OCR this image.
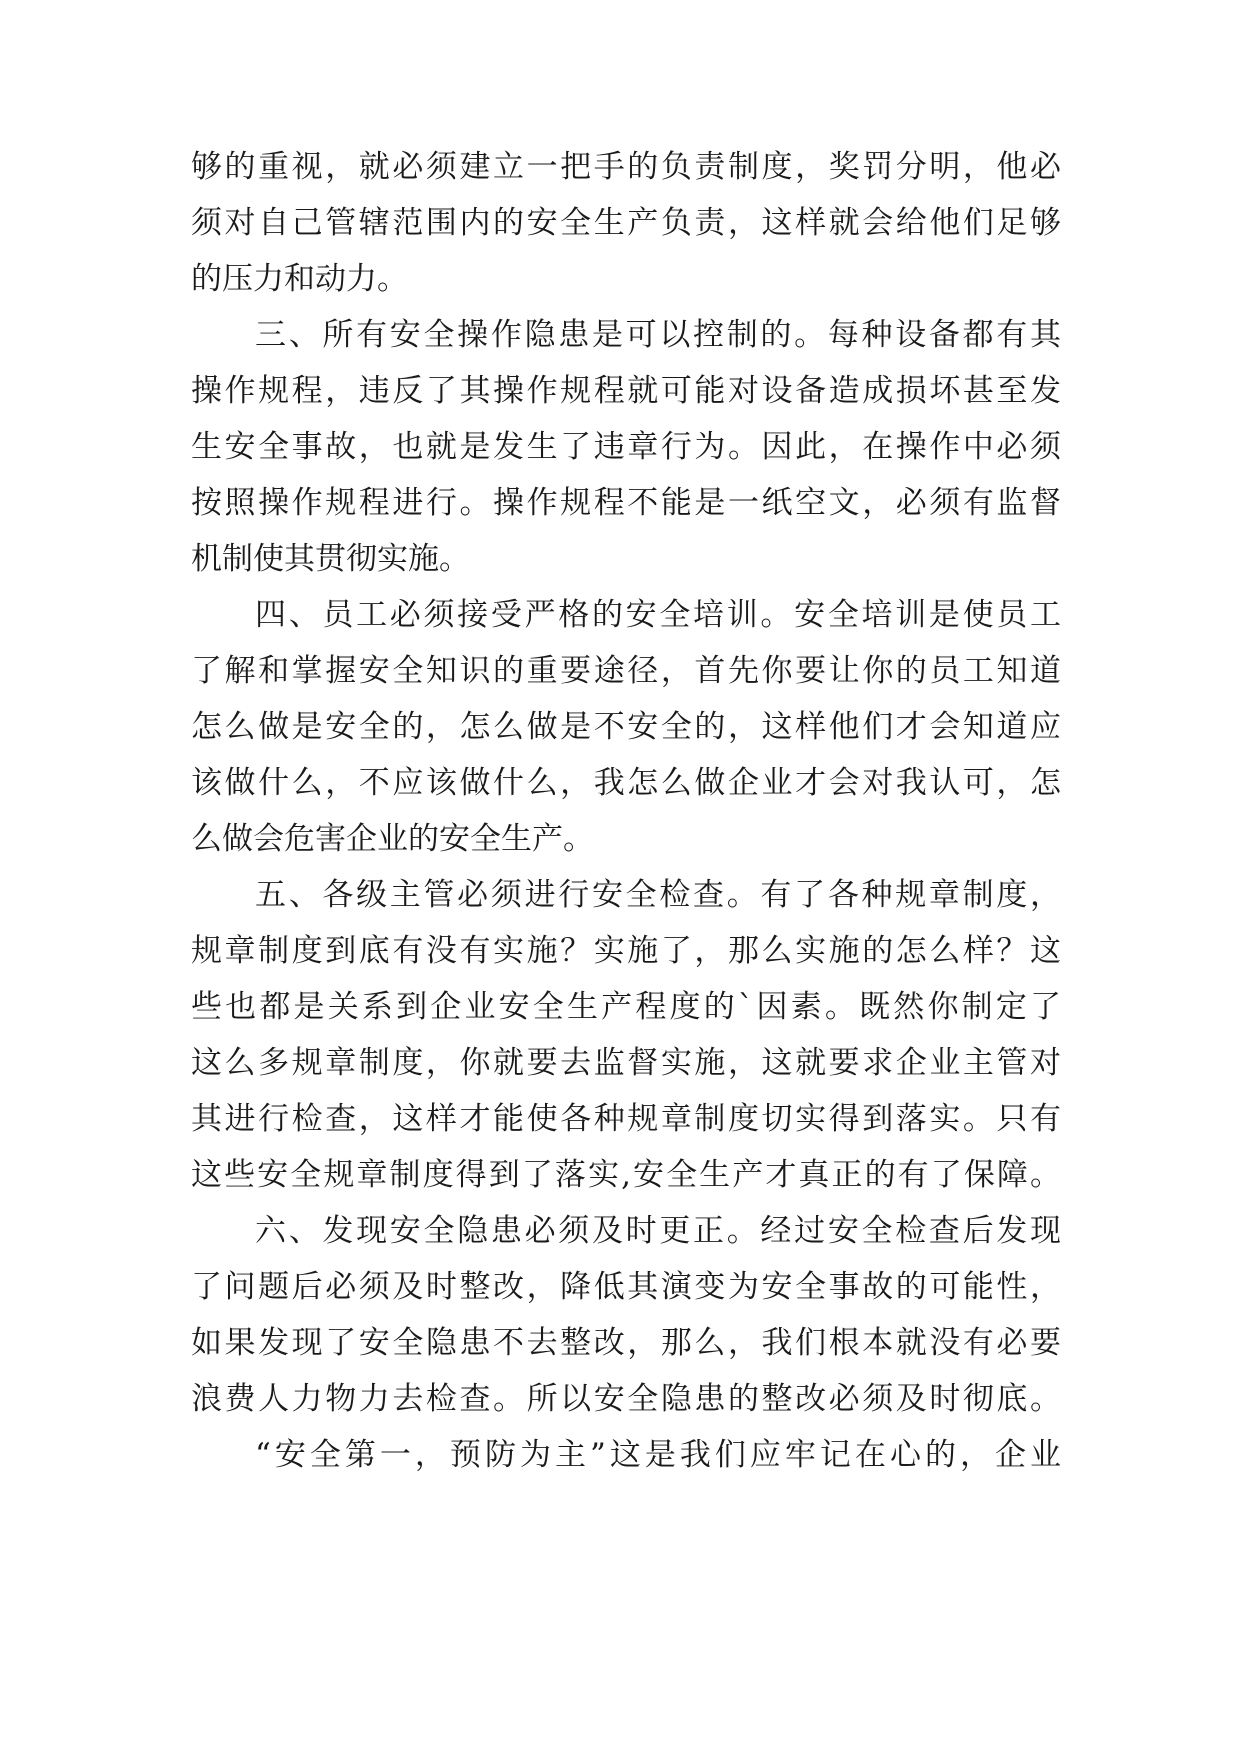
够的重视，就必须建立一把手的负责制度，奖罚分明，他必
须对自己管辖范围内的安全生产负责，这样就会给他们足够
的压力和动力。
三、所有安全操作隐患是可以控制的。每种设备都有其
操作规程，违反了其操作规程就可能对设备造成损坏甚至发
生安全事故，也就是发生了违章行为。因此，在操作中必须
按照操作规程进行。操作规程不能是一纸空文，必须有监督
机制使其贯彻实施。
四、员工必须接受严格的安全培训。安全培训是使员工
了解和掌握安全知识的重要途径，首先你要让你的员工知道
怎么做是安全的，怎么做是不安全的，这样他们才会知道应
该做什么，不应该做什么，我怎么做企业才会对我认可，怎
么做会危害企业的安全生产。
五、各级主管必须进行安全检查。有了各种规章制度，
规章制度到底有没有实施？实施了，那么实施的怎么样？这
些也都是关系到企业安全生产程度的`因素。既然你制定了
这么多规章制度，你就要去监督实施，这就要求企业主管对
其进行检查，这样才能使各种规章制度切实得到落实。只有
这些安全规章制度得到了落实,安全生产才真正的有了保障。
六、发现安全隐患必须及时更正。经过安全检查后发现
了问题后必须及时整改，降低其演变为安全事故的可能性，
如果发现了安全隐患不去整改，那么，我们根本就没有必要
浪费人力物力去检查。所以安全隐患的整改必须及时彻底。
“安全第一，预防为主”这是我们应牢记在心的，企业
